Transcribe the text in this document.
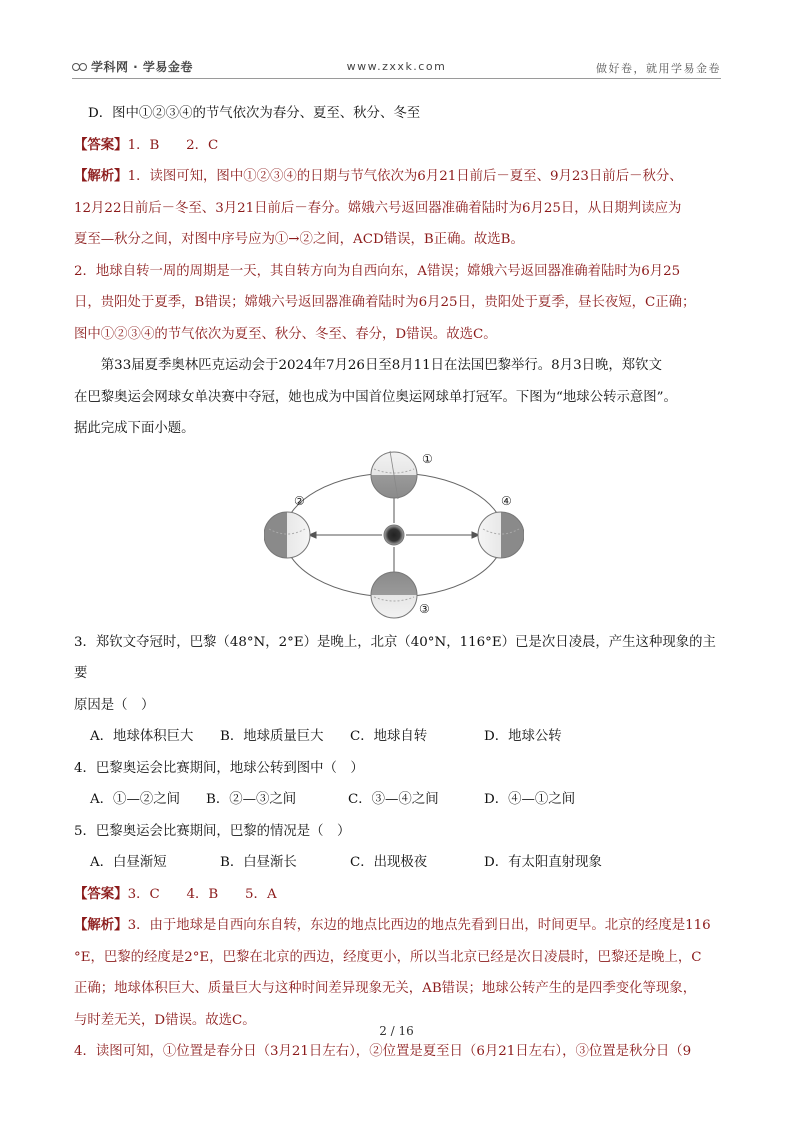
学科网 · 学易金卷	www.zxxk.com	做好卷，就用学易金卷

D．图中①②③④的节气依次为春分、夏至、秋分、冬至

【答案】1．B　　2．C

【解析】1．读图可知，图中①②③④的日期与节气依次为6月21日前后－夏至、9月23日前后－秋分、

12月22日前后－冬至、3月21日前后－春分。嫦娥六号返回器准确着陆时为6月25日，从日期判读应为

夏至—秋分之间，对图中序号应为①→②之间，ACD错误，B正确。故选B。

2．地球自转一周的周期是一天，其自转方向为自西向东，A错误；嫦娥六号返回器准确着陆时为6月25

日，贵阳处于夏季，B错误；嫦娥六号返回器准确着陆时为6月25日，贵阳处于夏季，昼长夜短，C正确；

图中①②③④的节气依次为夏至、秋分、冬至、春分，D错误。故选C。

第33届夏季奥林匹克运动会于2024年7月26日至8月11日在法国巴黎举行。8月3日晚，郑钦文

在巴黎奥运会网球女单决赛中夺冠，她也成为中国首位奥运网球单打冠军。下图为“地球公转示意图”。

据此完成下面小题。

①
②
③
④

3．郑钦文夺冠时，巴黎（48°N，2°E）是晚上，北京（40°N，116°E）已是次日凌晨，产生这种现象的主要

原因是（　）

A．地球体积巨大	B．地球质量巨大	C．地球自转	D．地球公转

4．巴黎奥运会比赛期间，地球公转到图中（　）

A．①—②之间	B．②—③之间	C．③—④之间	D．④—①之间

5．巴黎奥运会比赛期间，巴黎的情况是（　）

A．白昼渐短	B．白昼渐长	C．出现极夜	D．有太阳直射现象

【答案】3．C　　4．B　　5．A

【解析】3．由于地球是自西向东自转，东边的地点比西边的地点先看到日出，时间更早。北京的经度是116

°E，巴黎的经度是2°E，巴黎在北京的西边，经度更小，所以当北京已经是次日凌晨时，巴黎还是晚上，C

正确；地球体积巨大、质量巨大与这种时间差异现象无关，AB错误；地球公转产生的是四季变化等现象，

与时差无关，D错误。故选C。

4．读图可知，①位置是春分日（3月21日左右），②位置是夏至日（6月21日左右），③位置是秋分日（9

2 / 16
